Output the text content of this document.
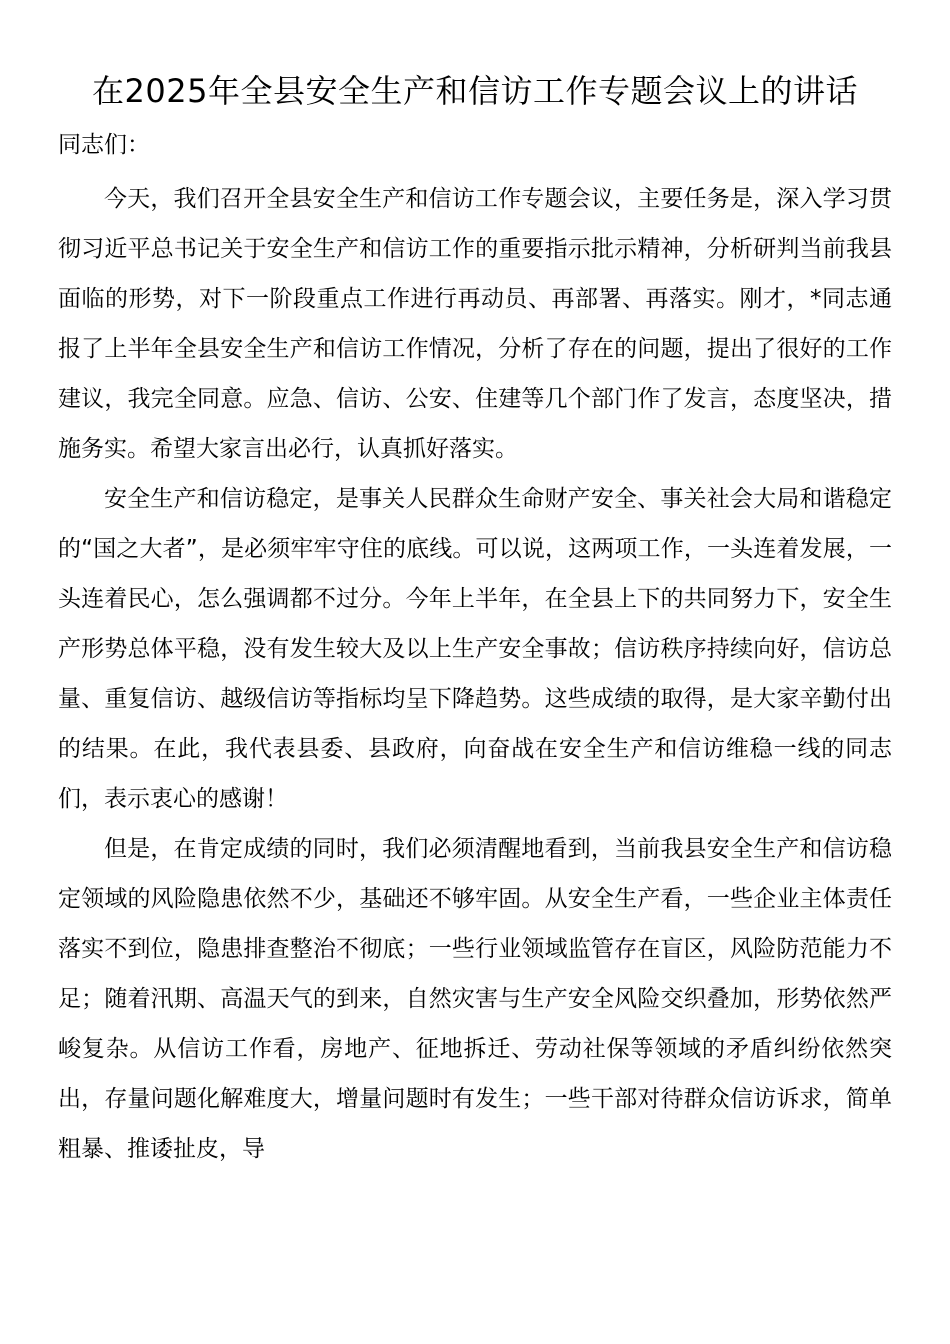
在2025年全县安全生产和信访工作专题会议上的讲话
同志们：

今天，我们召开全县安全生产和信访工作专题会议，主要任务是，深入学习贯彻习近平总书记关于安全生产和信访工作的重要指示批示精神，分析研判当前我县面临的形势，对下一阶段重点工作进行再动员、再部署、再落实。刚才，*同志通报了上半年全县安全生产和信访工作情况，分析了存在的问题，提出了很好的工作建议，我完全同意。应急、信访、公安、住建等几个部门作了发言，态度坚决，措施务实。希望大家言出必行，认真抓好落实。

安全生产和信访稳定，是事关人民群众生命财产安全、事关社会大局和谐稳定的“国之大者”，是必须牢牢守住的底线。可以说，这两项工作，一头连着发展，一头连着民心，怎么强调都不过分。今年上半年，在全县上下的共同努力下，安全生产形势总体平稳，没有发生较大及以上生产安全事故；信访秩序持续向好，信访总量、重复信访、越级信访等指标均呈下降趋势。这些成绩的取得，是大家辛勤付出的结果。在此，我代表县委、县政府，向奋战在安全生产和信访维稳一线的同志们，表示衷心的感谢！

但是，在肯定成绩的同时，我们必须清醒地看到，当前我县安全生产和信访稳定领域的风险隐患依然不少，基础还不够牢固。从安全生产看，一些企业主体责任落实不到位，隐患排查整治不彻底；一些行业领域监管存在盲区，风险防范能力不足；随着汛期、高温天气的到来，自然灾害与生产安全风险交织叠加，形势依然严峻复杂。从信访工作看，房地产、征地拆迁、劳动社保等领域的矛盾纠纷依然突出，存量问题化解难度大，增量问题时有发生；一些干部对待群众信访诉求，简单粗暴、推诿扯皮，导
